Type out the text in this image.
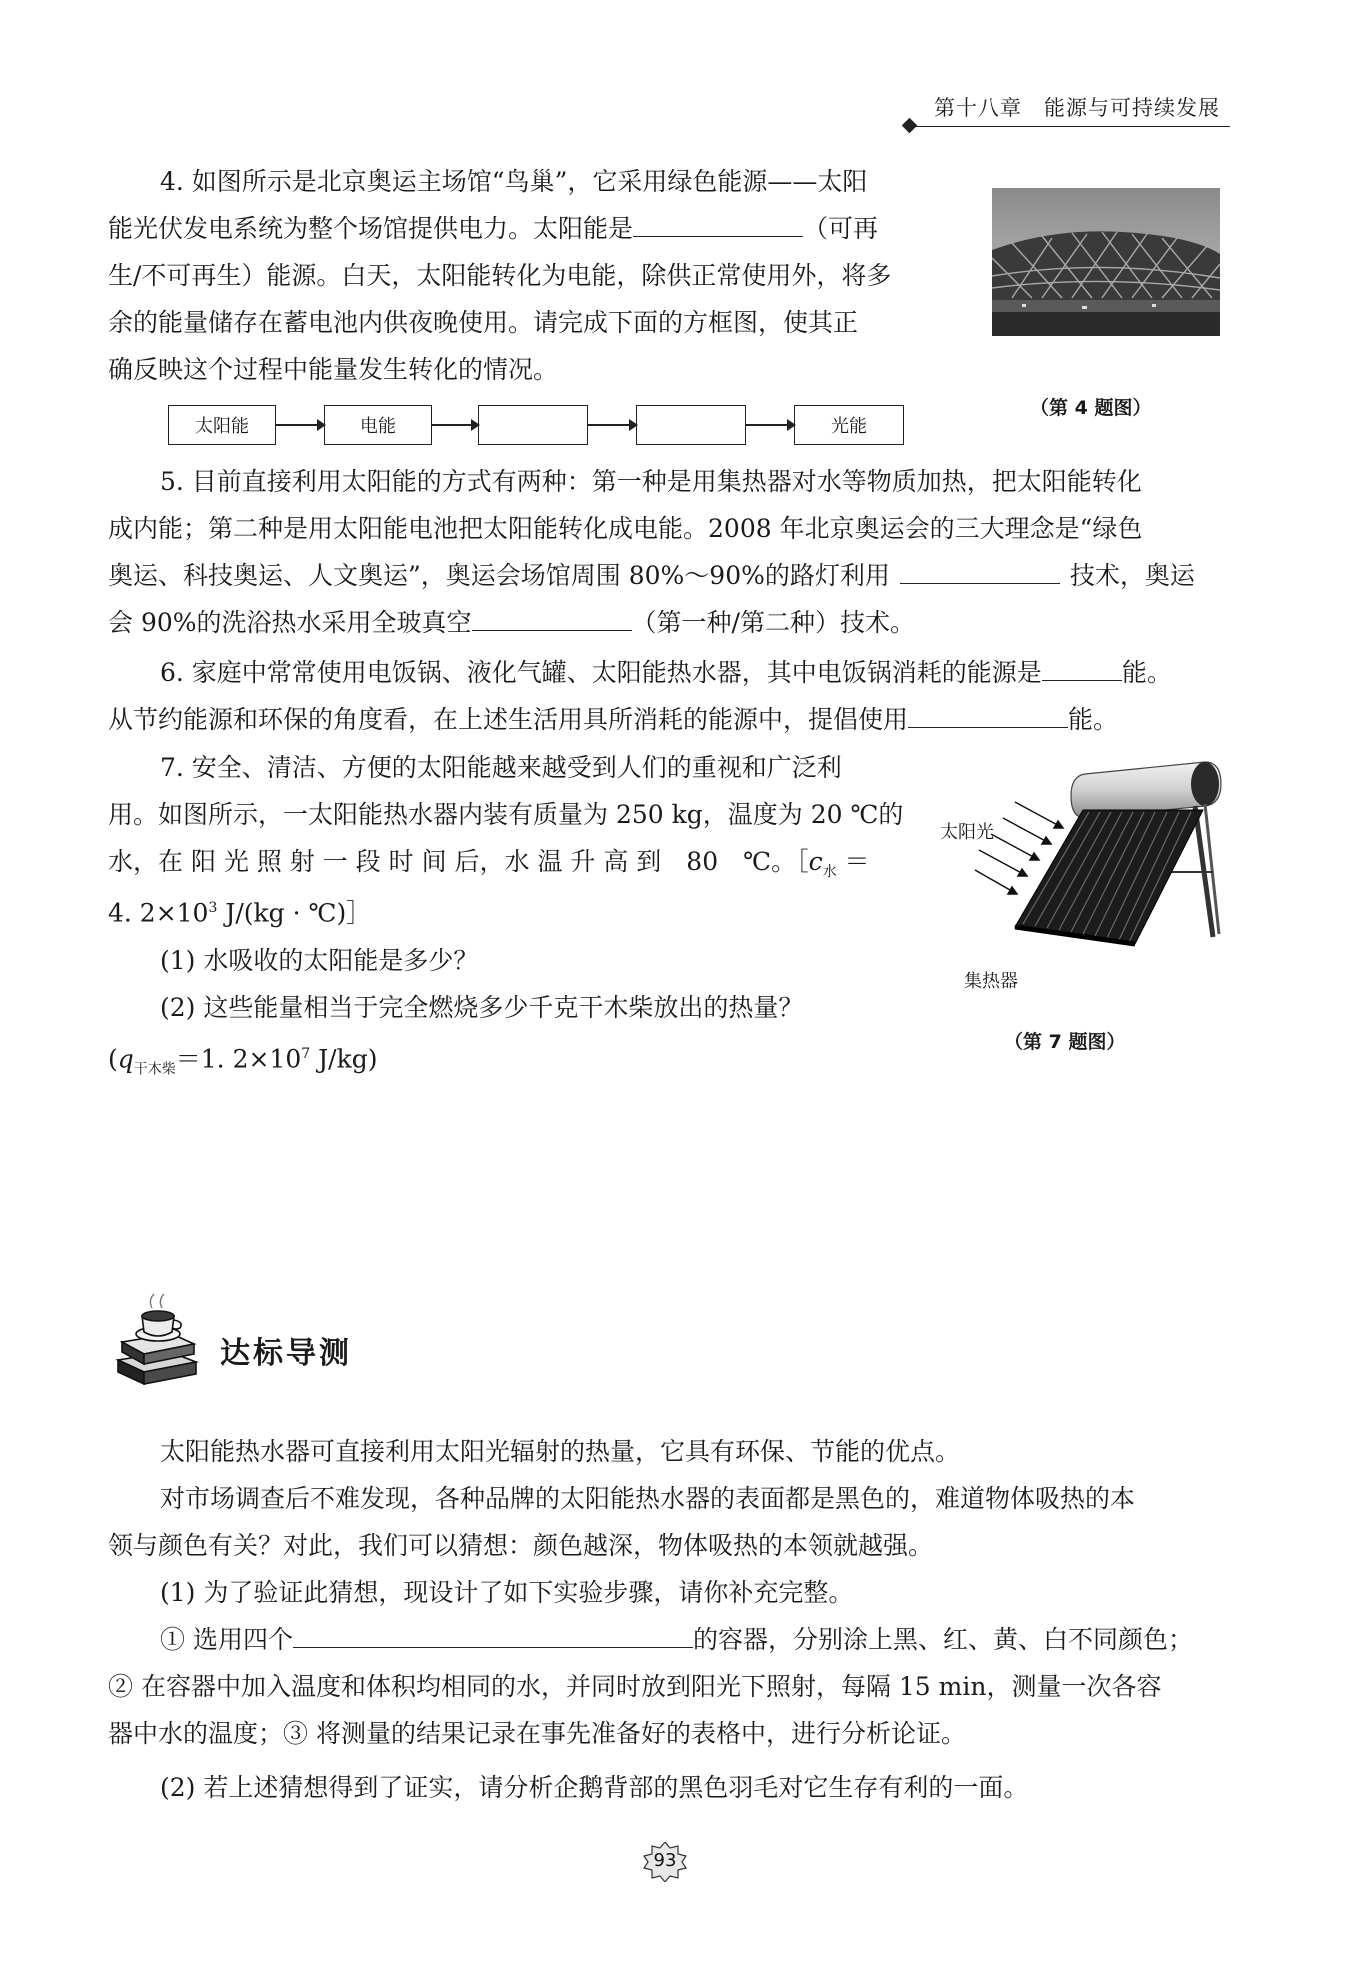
第十八章　能源与可持续发展
4. 如图所示是北京奥运主场馆“鸟巢”，它采用绿色能源——太阳
能光伏发电系统为整个场馆提供电力。太阳能是	（可再
生/不可再生）能源。白天，太阳能转化为电能，除供正常使用外，将多
余的能量储存在蓄电池内供夜晚使用。请完成下面的方框图，使其正
确反映这个过程中能量发生转化的情况。
（第 4 题图）
太阳能	电能	光能
5. 目前直接利用太阳能的方式有两种：第一种是用集热器对水等物质加热，把太阳能转化
成内能；第二种是用太阳能电池把太阳能转化成电能。2008 年北京奥运会的三大理念是“绿色
奥运、科技奥运、人文奥运”，奥运会场馆周围 80%～90%的路灯利用	技术，奥运
会 90%的洗浴热水采用全玻真空	（第一种/第二种）技术。
6. 家庭中常常使用电饭锅、液化气罐、太阳能热水器，其中电饭锅消耗的能源是	能。
从节约能源和环保的角度看，在上述生活用具所消耗的能源中，提倡使用	能。
7. 安全、清洁、方便的太阳能越来越受到人们的重视和广泛利
用。如图所示，一太阳能热水器内装有质量为 250 kg，温度为 20 ℃的
水，在 阳 光 照 射 一 段 时 间 后，水 温 升 高 到　80　℃。$[c_水$ ＝
4. $2\times 10^3$ J/(kg · ℃)］
(1) 水吸收的太阳能是多少？
(2) 这些能量相当于完全燃烧多少千克干木柴放出的热量？
($q_{干木柴}=1$. $2\times 10^7$ J/kg)
太阳光
集热器
（第 7 题图）
达标导测
太阳能热水器可直接利用太阳光辐射的热量，它具有环保、节能的优点。
对市场调查后不难发现，各种品牌的太阳能热水器的表面都是黑色的，难道物体吸热的本
领与颜色有关？对此，我们可以猜想：颜色越深，物体吸热的本领就越强。
(1) 为了验证此猜想，现设计了如下实验步骤，请你补充完整。
① 选用四个	的容器，分别涂上黑、红、黄、白不同颜色；
② 在容器中加入温度和体积均相同的水，并同时放到阳光下照射，每隔 15 min，测量一次各容
器中水的温度；③ 将测量的结果记录在事先准备好的表格中，进行分析论证。
(2) 若上述猜想得到了证实，请分析企鹅背部的黑色羽毛对它生存有利的一面。
93
